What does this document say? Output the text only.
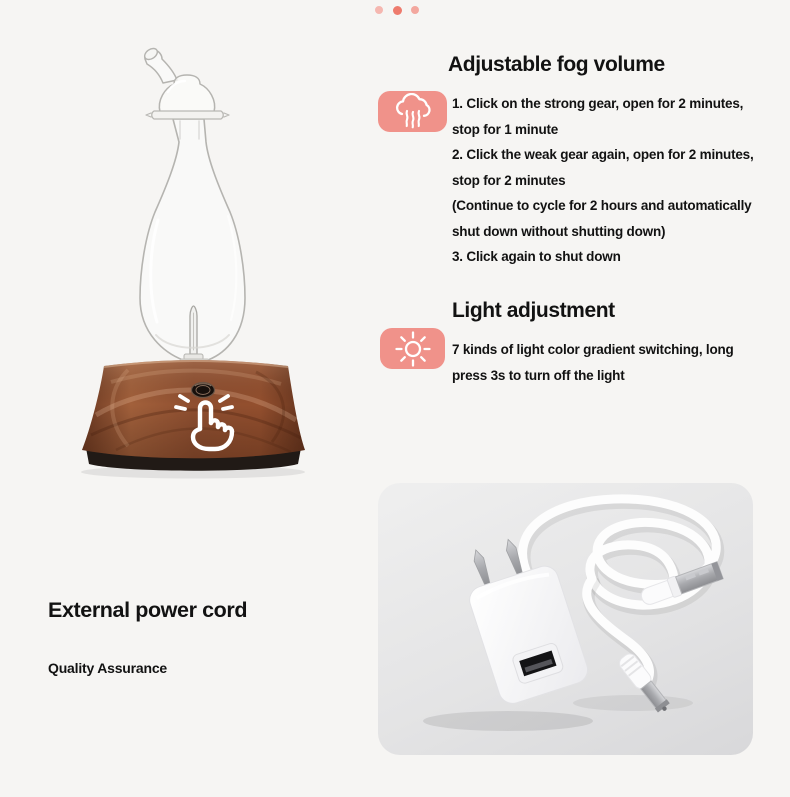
Adjustable fog volume
1. Click on the strong gear, open for 2 minutes,
stop for 1 minute
2. Click the weak gear again, open for 2 minutes,
stop for 2 minutes
(Continue to cycle for 2 hours and automatically
shut down without shutting down)
3. Click again to shut down
Light adjustment
7 kinds of light color gradient switching, long
press 3s to turn off the light
External power cord
Quality Assurance
